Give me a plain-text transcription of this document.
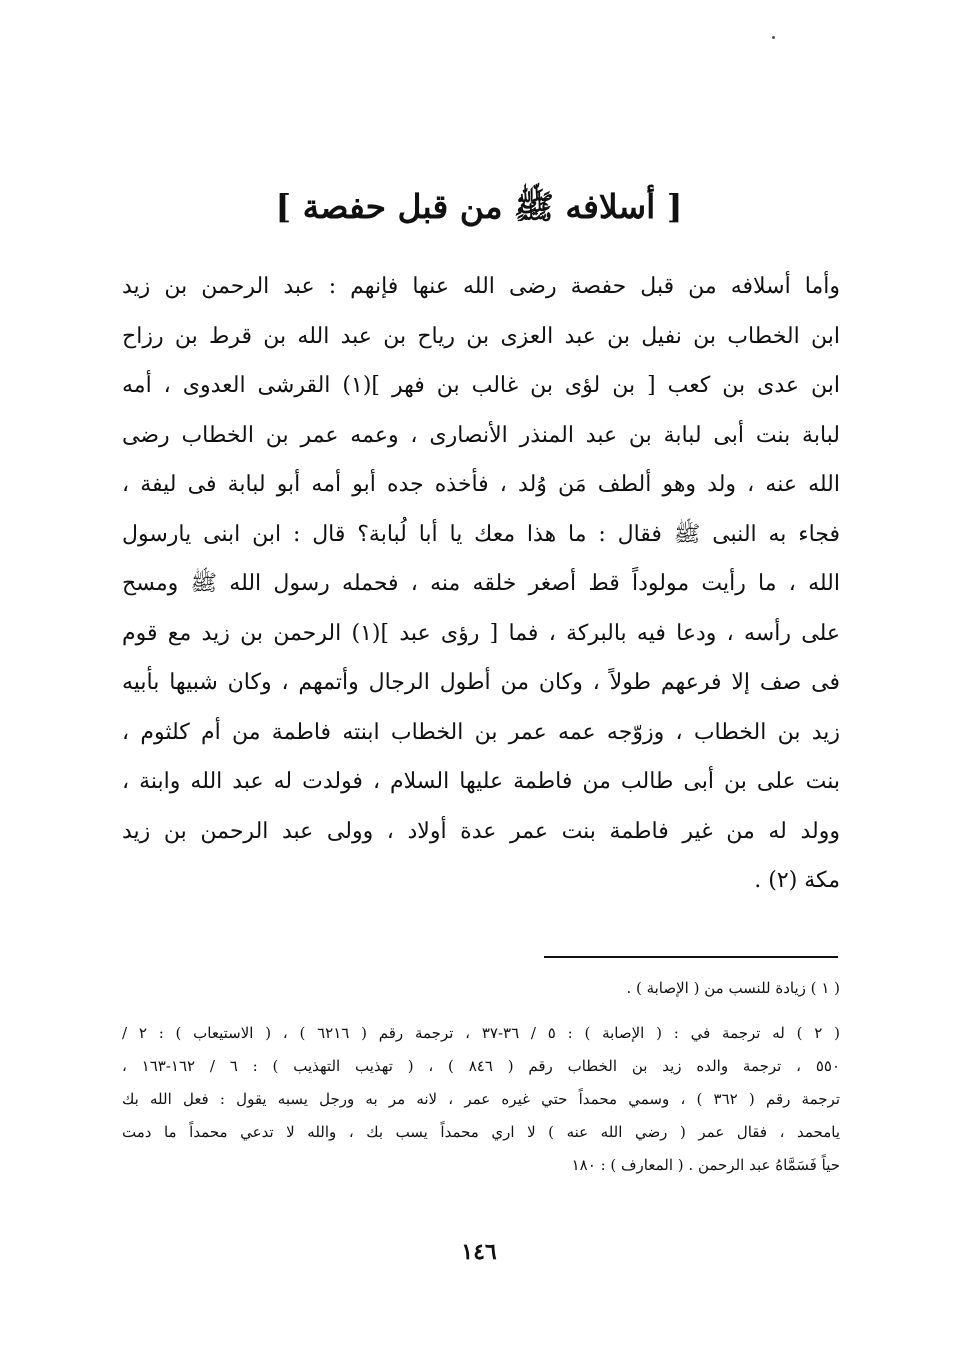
[ أسلافه ﷺ من قبل حفصة ]
وأما أسلافه من قبل حفصة رضى الله عنها فإنهم : عبد الرحمن بن زيد
ابن الخطاب بن نفيل بن عبد العزى بن رياح بن عبد الله بن قرط بن رزاح
ابن عدى بن كعب [ بن لؤى بن غالب بن فهر ](١) القرشى العدوى ، أمه
لبابة بنت أبى لبابة بن عبد المنذر الأنصارى ، وعمه عمر بن الخطاب رضى
الله عنه ، ولد وهو ألطف مَن وُلد ، فأخذه جده أبو أمه أبو لبابة فى ليفة ،
فجاء به النبى ﷺ فقال : ما هذا معك يا أبا لُبابة؟ قال : ابن ابنى يارسول
الله ، ما رأيت مولوداً قط أصغر خلقه منه ، فحمله رسول الله ﷺ ومسح
على رأسه ، ودعا فيه بالبركة ، فما [ رؤى عبد ](١) الرحمن بن زيد مع قوم
فى صف إلا فرعهم طولاً ، وكان من أطول الرجال وأتمهم ، وكان شبيها بأبيه
زيد بن الخطاب ، وزوّجه عمه عمر بن الخطاب ابنته فاطمة من أم كلثوم ،
بنت على بن أبى طالب من فاطمة عليها السلام ، فولدت له عبد الله وابنة ،
وولد له من غير فاطمة بنت عمر عدة أولاد ، وولى عبد الرحمن بن زيد
مكة (٢) .
( ١ ) زيادة للنسب من ( الإصابة ) .
( ٢ ) له ترجمة في : ( الإصابة ) : ٥ / ٣٦-٣٧ ، ترجمة رقم ( ٦٢١٦ ) ، ( الاستيعاب ) : ٢ /
٥٥٠ ، ترجمة والده زيد بن الخطاب رقم ( ٨٤٦ ) ، ( تهذيب التهذيب ) : ٦ / ١٦٢-١٦٣ ،
ترجمة رقم ( ٣٦٢ ) ، وسمي محمداً حتي غيره عمر ، لانه مر به ورجل يسبه يقول : فعل الله بك
يامحمد ، فقال عمر ( رضي الله عنه ) لا اري محمداً يسب بك ، والله لا تدعي محمداً ما دمت
حياً فَسَمَّاهُ عبد الرحمن . ( المعارف ) : ١٨٠
١٤٦
